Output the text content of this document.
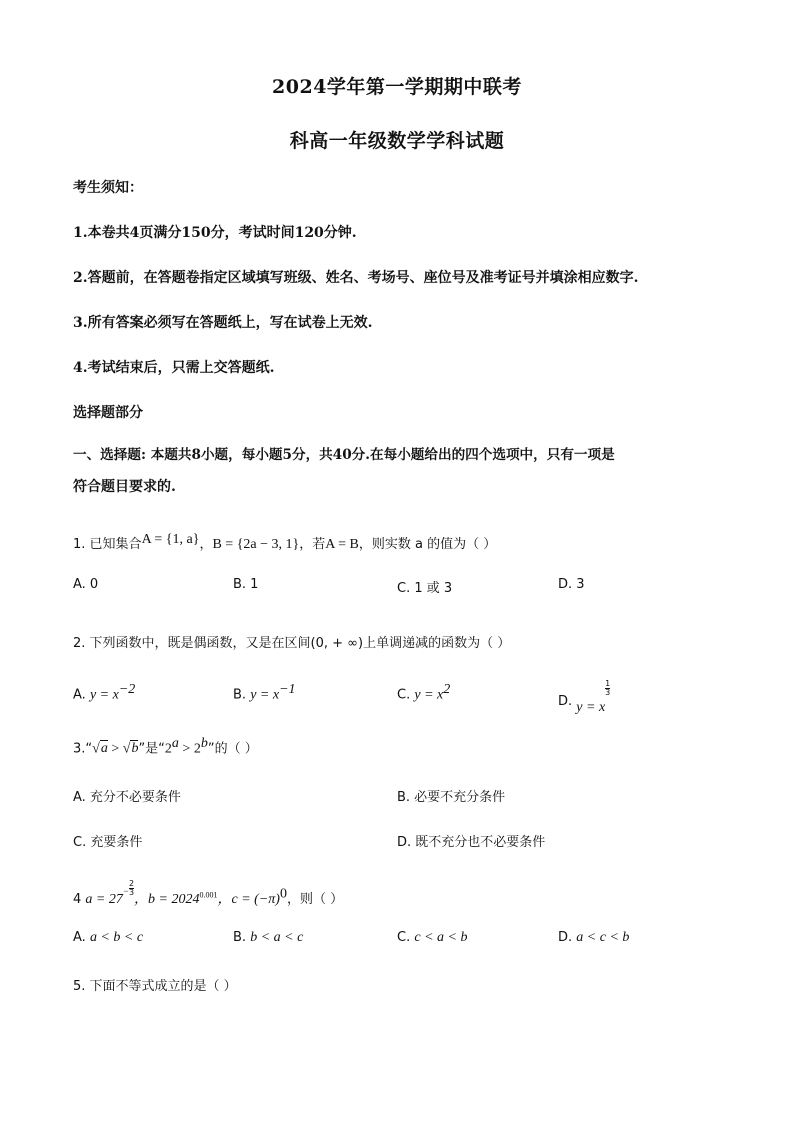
2024学年第一学期期中联考
科高一年级数学学科试题
考生须知：
1.本卷共4页满分150分，考试时间120分钟.
2.答题前，在答题卷指定区域填写班级、姓名、考场号、座位号及准考证号并填涂相应数字.
3.所有答案必须写在答题纸上，写在试卷上无效.
4.考试结束后，只需上交答题纸.
选择题部分
一、选择题: 本题共8小题，每小题5分，共40分.在每小题给出的四个选项中，只有一项是
符合题目要求的.
1. 已知集合A = {1, a}，B = {2a − 3, 1}，若A = B，则实数 a 的值为（ ）
A. 0	B. 1	C. 1 或 3	D. 3
2. 下列函数中，既是偶函数，又是在区间(0, + ∞)上单调递减的函数为（ ）
A. $y = x^{-2}$	B. $y = x^{-1}$	C. $y = x^2$
D. y = x
$\frac{1}{3}$
3.“√a > √b”是“$2^a > 2^b$”的（ ）
A. 充分不必要条件	B. 必要不充分条件
C. 充要条件	D. 既不充分也不必要条件
4 $a = 27^- \frac{2}{3}$
，$b = 2024^{0.001}$，$c = (-\pi)^0$，则（ ）
A. a < b < c	B. b < a < c	C. c < a < b	D. a < c < b
5. 下面不等式成立的是（ ）
